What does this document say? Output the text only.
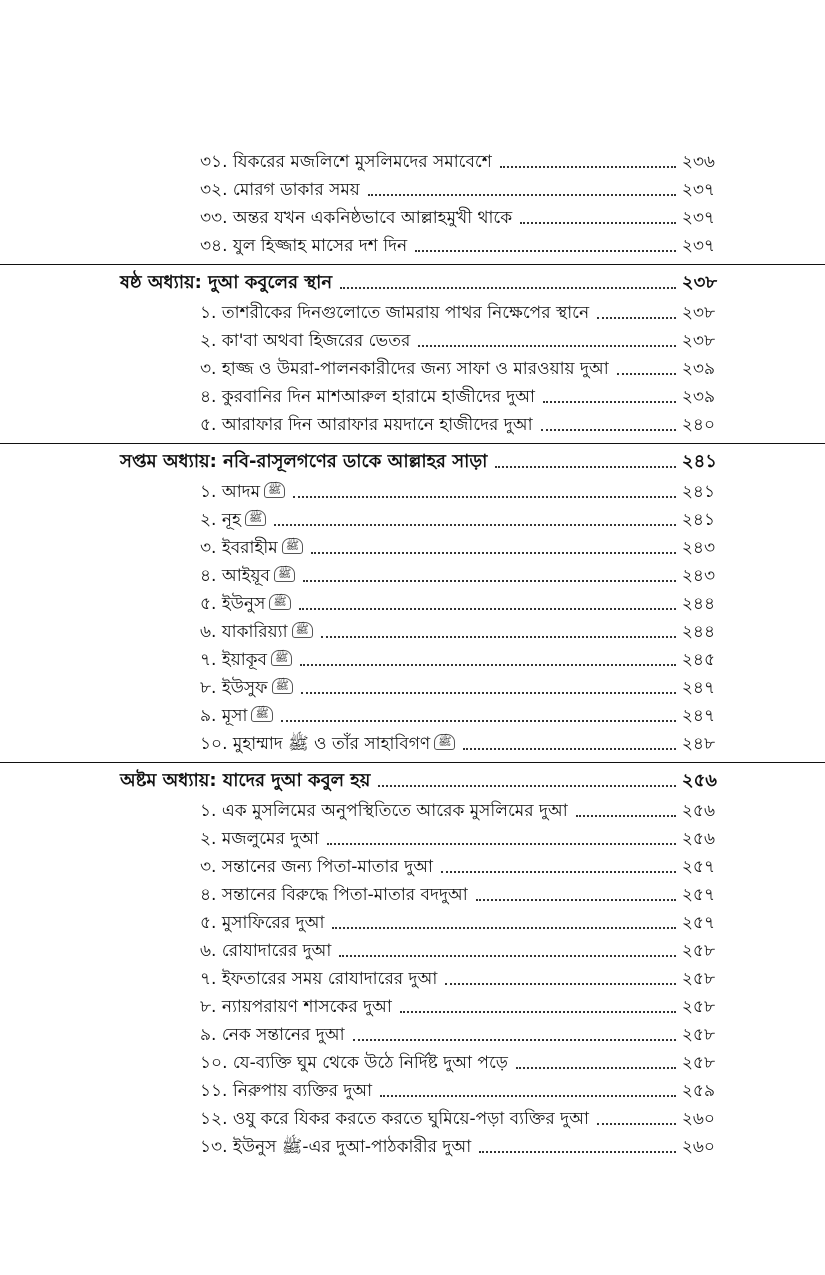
৩১. যিকরের মজলিশে মুসলিমদের সমাবেশে	২৩৬
৩২. মোরগ ডাকার সময়	২৩৭
৩৩. অন্তর যখন একনিষ্ঠভাবে আল্লাহমুখী থাকে	২৩৭
৩৪. যুল হিজ্জাহ মাসের দশ দিন	২৩৭
ষষ্ঠ অধ্যায়: দুআ কবুলের স্থান	২৩৮
১. তাশরীকের দিনগুলোতে জামরায় পাথর নিক্ষেপের স্থানে	২৩৮
২. কা'বা অথবা হিজরের ভেতর	২৩৮
৩. হাজ্জ ও উমরা-পালনকারীদের জন্য সাফা ও মারওয়ায় দুআ	২৩৯
৪. কুরবানির দিন মাশআরুল হারামে হাজীদের দুআ	২৩৯
৫. আরাফার দিন আরাফার ময়দানে হাজীদের দুআ	২৪০
সপ্তম অধ্যায়: নবি-রাসূলগণের ডাকে আল্লাহর সাড়া	২৪১
১. আদম ﷺ	২৪১
২. নূহ ﷺ	২৪১
৩. ইবরাহীম ﷺ	২৪৩
৪. আইয়ূব ﷺ	২৪৩
৫. ইউনুস ﷺ	২৪৪
৬. যাকারিয়্যা ﷺ	২৪৪
৭. ইয়াকূব ﷺ	২৪৫
৮. ইউসুফ ﷺ	২৪৭
৯. মূসা ﷺ	২৪৭
১০. মুহাম্মাদ ﷺ ও তাঁর সাহাবিগণ ﷺ	২৪৮
অষ্টম অধ্যায়: যাদের দুআ কবুল হয়	২৫৬
১. এক মুসলিমের অনুপস্থিতিতে আরেক মুসলিমের দুআ	২৫৬
২. মজলুমের দুআ	২৫৬
৩. সন্তানের জন্য পিতা-মাতার দুআ	২৫৭
৪. সন্তানের বিরুদ্ধে পিতা-মাতার বদদুআ	২৫৭
৫. মুসাফিরের দুআ	২৫৭
৬. রোযাদারের দুআ	২৫৮
৭. ইফতারের সময় রোযাদারের দুআ	২৫৮
৮. ন্যায়পরায়ণ শাসকের দুআ	২৫৮
৯. নেক সন্তানের দুআ	২৫৮
১০. যে-ব্যক্তি ঘুম থেকে উঠে নির্দিষ্ট দুআ পড়ে	২৫৮
১১. নিরুপায় ব্যক্তির দুআ	২৫৯
১২. ওযু করে যিকর করতে করতে ঘুমিয়ে-পড়া ব্যক্তির দুআ	২৬০
১৩. ইউনুস ﷺ-এর দুআ-পাঠকারীর দুআ	২৬০
